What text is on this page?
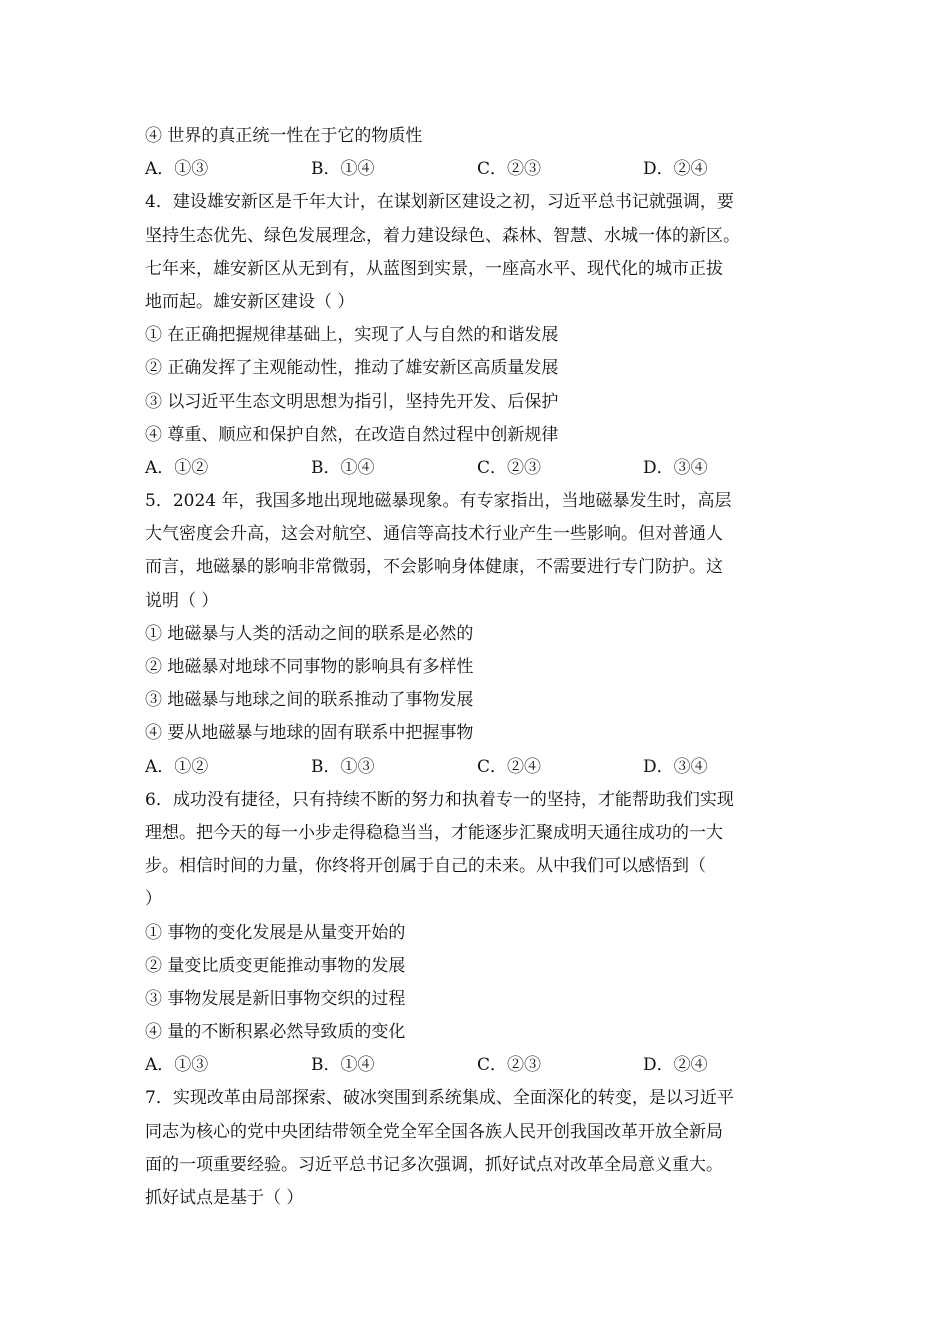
④ 世界的真正统一性在于它的物质性
A．①③	B．①④	C．②③	D．②④
4．建设雄安新区是千年大计，在谋划新区建设之初，习近平总书记就强调，要
坚持生态优先、绿色发展理念，着力建设绿色、森林、智慧、水城一体的新区。
七年来，雄安新区从无到有，从蓝图到实景，一座高水平、现代化的城市正拔
地而起。雄安新区建设（ ）
① 在正确把握规律基础上，实现了人与自然的和谐发展
② 正确发挥了主观能动性，推动了雄安新区高质量发展
③ 以习近平生态文明思想为指引，坚持先开发、后保护
④ 尊重、顺应和保护自然，在改造自然过程中创新规律
A．①②	B．①④	C．②③	D．③④
5．2024 年，我国多地出现地磁暴现象。有专家指出，当地磁暴发生时，高层
大气密度会升高，这会对航空、通信等高技术行业产生一些影响。但对普通人
而言，地磁暴的影响非常微弱，不会影响身体健康，不需要进行专门防护。这
说明（ ）
① 地磁暴与人类的活动之间的联系是必然的
② 地磁暴对地球不同事物的影响具有多样性
③ 地磁暴与地球之间的联系推动了事物发展
④ 要从地磁暴与地球的固有联系中把握事物
A．①②	B．①③	C．②④	D．③④
6．成功没有捷径，只有持续不断的努力和执着专一的坚持，才能帮助我们实现
理想。把今天的每一小步走得稳稳当当，才能逐步汇聚成明天通往成功的一大
步。相信时间的力量，你终将开创属于自己的未来。从中我们可以感悟到（
）
① 事物的变化发展是从量变开始的
② 量变比质变更能推动事物的发展
③ 事物发展是新旧事物交织的过程
④ 量的不断积累必然导致质的变化
A．①③	B．①④	C．②③	D．②④
7．实现改革由局部探索、破冰突围到系统集成、全面深化的转变，是以习近平
同志为核心的党中央团结带领全党全军全国各族人民开创我国改革开放全新局
面的一项重要经验。习近平总书记多次强调，抓好试点对改革全局意义重大。
抓好试点是基于（ ）
